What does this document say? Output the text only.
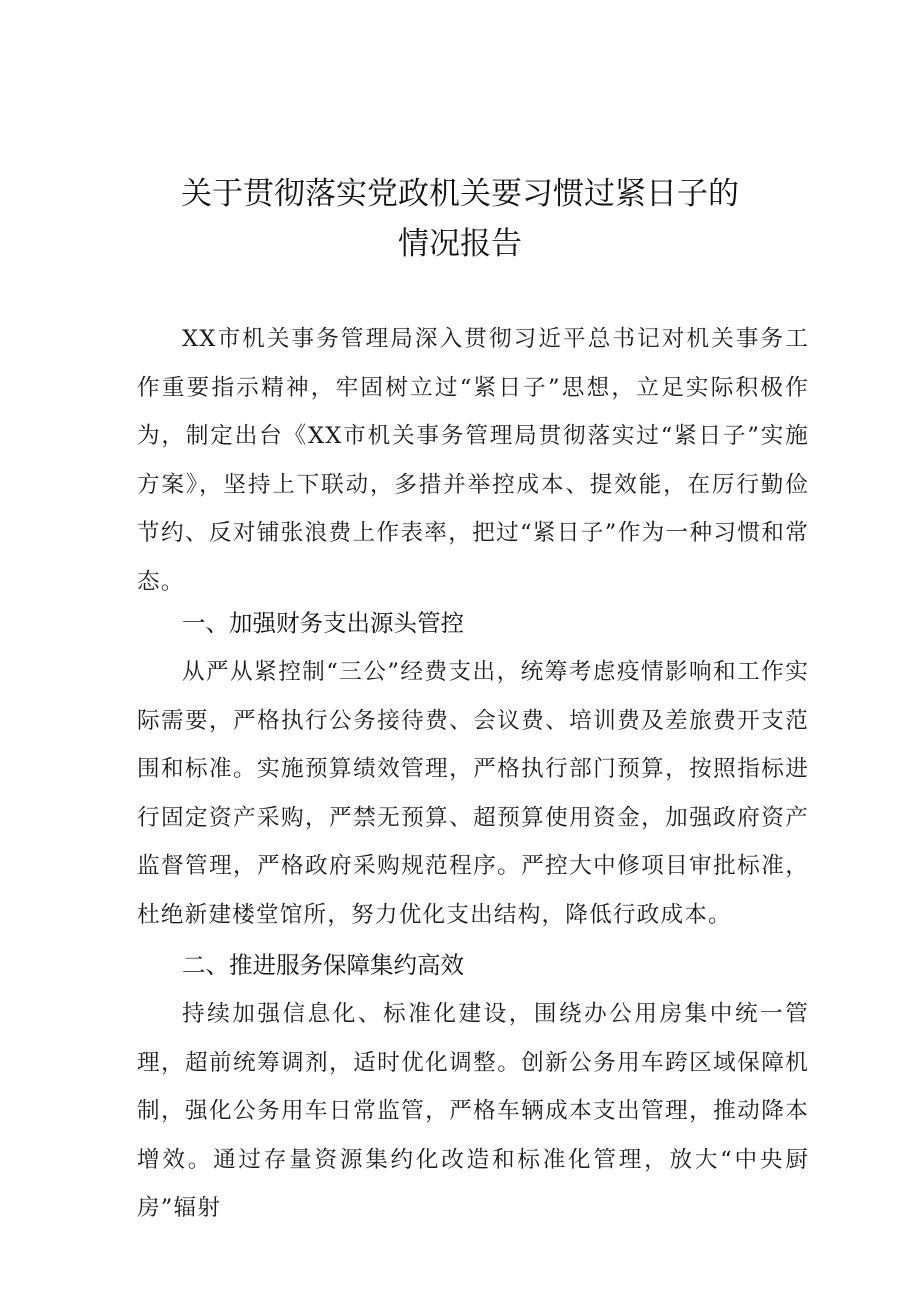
关于贯彻落实党政机关要习惯过紧日子的
情况报告

XX市机关事务管理局深入贯彻习近平总书记对机关事务工作重要指示精神，牢固树立过“紧日子”思想，立足实际积极作为，制定出台《XX市机关事务管理局贯彻落实过“紧日子”实施方案》，坚持上下联动，多措并举控成本、提效能，在厉行勤俭节约、反对铺张浪费上作表率，把过“紧日子”作为一种习惯和常态。

一、加强财务支出源头管控

从严从紧控制“三公”经费支出，统筹考虑疫情影响和工作实际需要，严格执行公务接待费、会议费、培训费及差旅费开支范围和标准。实施预算绩效管理，严格执行部门预算，按照指标进行固定资产采购，严禁无预算、超预算使用资金，加强政府资产监督管理，严格政府采购规范程序。严控大中修项目审批标准，杜绝新建楼堂馆所，努力优化支出结构，降低行政成本。

二、推进服务保障集约高效

持续加强信息化、标准化建设，围绕办公用房集中统一管理，超前统筹调剂，适时优化调整。创新公务用车跨区域保障机制，强化公务用车日常监管，严格车辆成本支出管理，推动降本增效。通过存量资源集约化改造和标准化管理，放大“中央厨房”辐射
